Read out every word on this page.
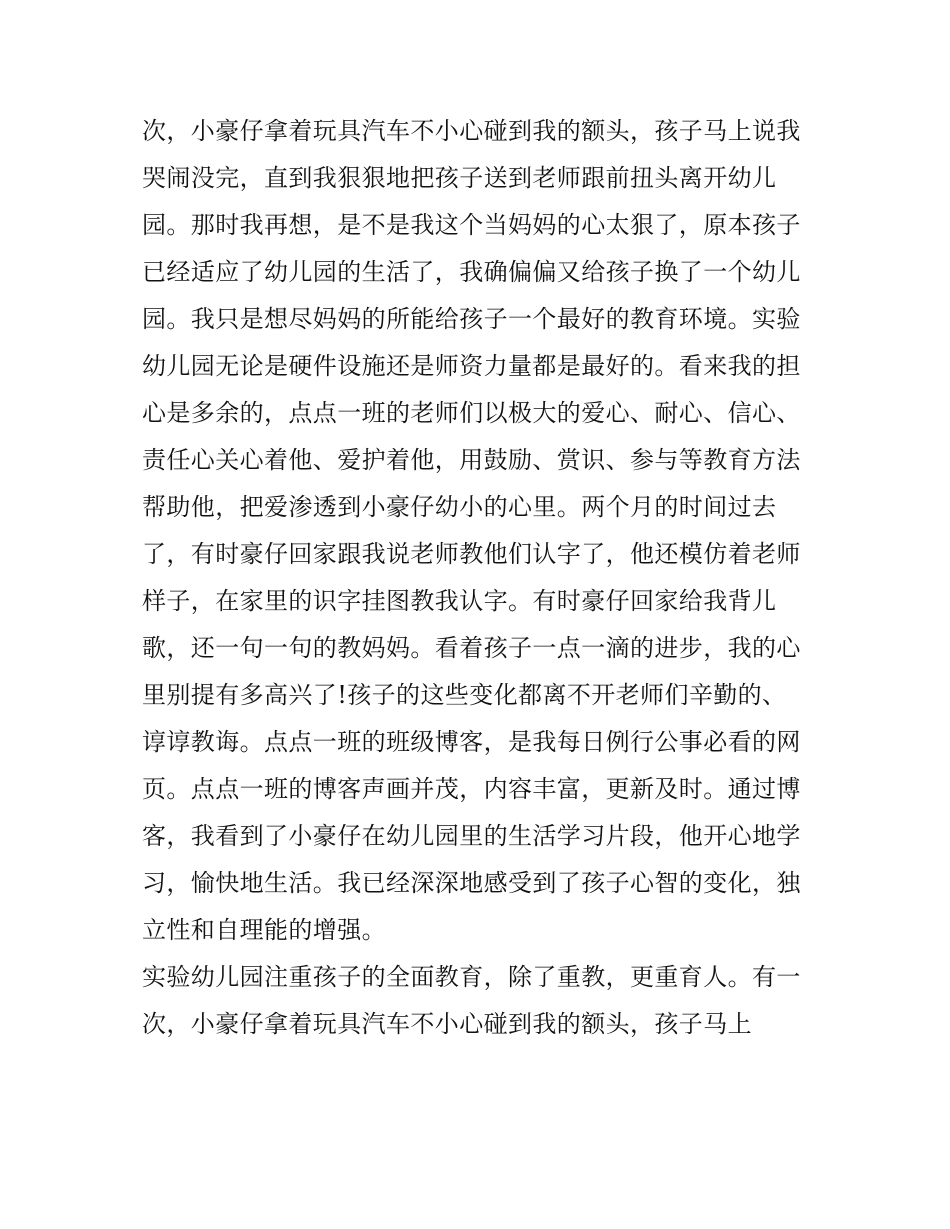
次，小豪仔拿着玩具汽车不小心碰到我的额头，孩子马上说我
哭闹没完，直到我狠狠地把孩子送到老师跟前扭头离开幼儿
园。那时我再想，是不是我这个当妈妈的心太狠了，原本孩子
已经适应了幼儿园的生活了，我确偏偏又给孩子换了一个幼儿
园。我只是想尽妈妈的所能给孩子一个最好的教育环境。实验
幼儿园无论是硬件设施还是师资力量都是最好的。看来我的担
心是多余的，点点一班的老师们以极大的爱心、耐心、信心、
责任心关心着他、爱护着他，用鼓励、赏识、参与等教育方法
帮助他，把爱渗透到小豪仔幼小的心里。两个月的时间过去
了，有时豪仔回家跟我说老师教他们认字了，他还模仿着老师
样子，在家里的识字挂图教我认字。有时豪仔回家给我背儿
歌，还一句一句的教妈妈。看着孩子一点一滴的进步，我的心
里别提有多高兴了!孩子的这些变化都离不开老师们辛勤的、
谆谆教诲。点点一班的班级博客，是我每日例行公事必看的网
页。点点一班的博客声画并茂，内容丰富，更新及时。通过博
客，我看到了小豪仔在幼儿园里的生活学习片段，他开心地学
习，愉快地生活。我已经深深地感受到了孩子心智的变化，独
立性和自理能的增强。
实验幼儿园注重孩子的全面教育，除了重教，更重育人。有一
次，小豪仔拿着玩具汽车不小心碰到我的额头，孩子马上
